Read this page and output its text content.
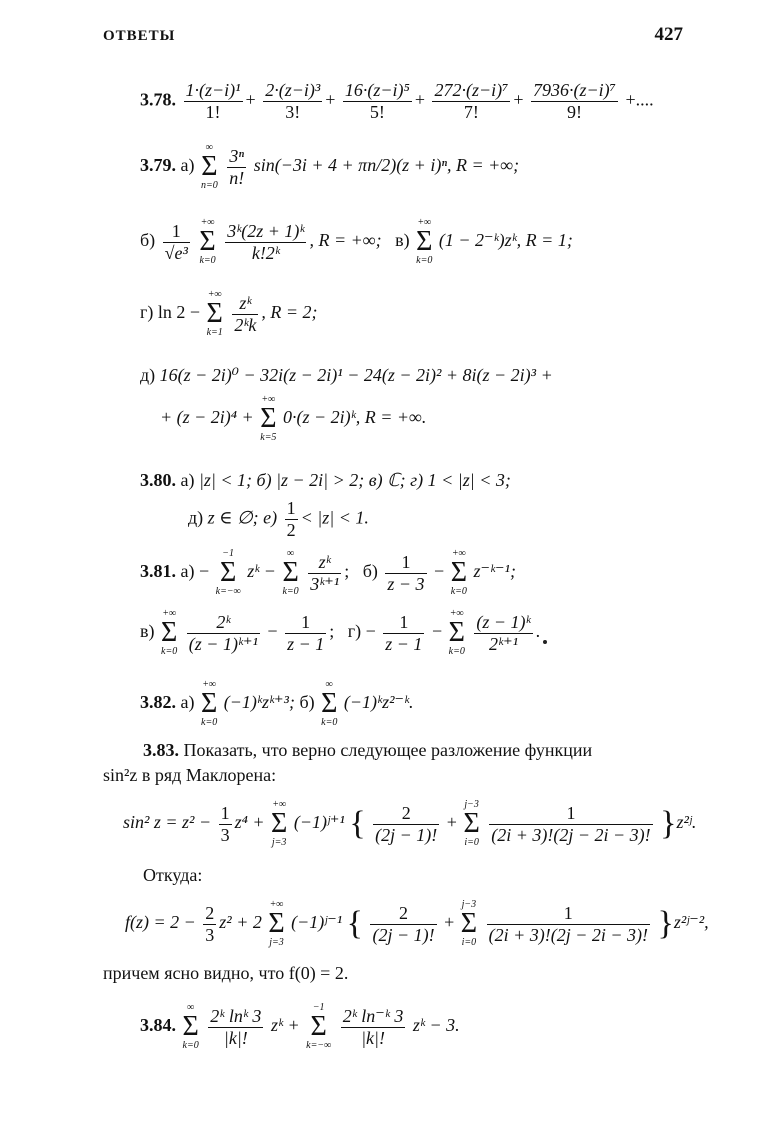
ОТВЕТЫ	427
3.78. $\frac{\text{1·(z−i)¹}}{1!} + \frac{\text{2·(z−i)³}}{3!} + \frac{\text{16·(z−i)⁵}}{5!} + \frac{\text{272·(z−i)⁷}}{7!} + \frac{\text{7936·(z−i)⁷}}{9!}$ +....
3.79. а)
∞
Σ
n=0
$\frac{\text{3ⁿ}}{n!} \sin(-3i + 4 + \pi n/2)(z + i)^n$, R = +∞;
$б) \frac{1}{\text{√e³}}$
+∞
Σ
k=0
$\frac{\text{3ᵏ(2z + 1)ᵏ}}{\text{k!2ᵏ}}$ , R = +∞; в)
+∞
Σ
k=0
(1 − 2⁻ᵏ)zᵏ, R = 1;
г) ln 2 −
+∞
Σ
k=1
$\frac{\text{zᵏ}}{\text{2ᵏk}}$ , R = 2;
д) 16(z − 2i)⁰ − 32i(z − 2i)¹ − 24(z − 2i)² + 8i(z − 2i)³ +
+ (z − 2i)⁴ +
+∞
Σ
k=5
0·(z − 2i)ᵏ, R = +∞.
3.80. а) |z| < 1; б) |z − 2i| > 2; в) ℂ; г) 1 < |z| < 3;
д) z ∈ ∅; $е) \frac{1}{2} < |z| < 1$.
3.81. а) −
−1
Σ
k=−∞
zᵏ −
∞
Σ
k=0
$\frac{\text{zᵏ}}{\text{3ᵏ⁺¹}}$ ; $б) \frac{1}{z - 3}$ −
+∞
Σ
k=0
z⁻ᵏ⁻¹;
в)
+∞
Σ
k=0
$\frac{\text{2ᵏ}}{\text{(z − 1)ᵏ⁺¹}} - \frac{1}{z - 1}$ ; $г) - \frac{1}{z - 1}$ −
+∞
Σ
k=0
$\frac{\text{(z − 1)ᵏ}}{\text{2ᵏ⁺¹}}$ .
3.82. а)
+∞
Σ
k=0
(−1)ᵏzᵏ⁺³; б)
∞
Σ
k=0
(−1)ᵏz²⁻ᵏ.
3.83. Показать, что верно следующее разложение функции
sin²z в ряд Маклорена:
sin² $z = z^2 - \frac{1}{3} z^4$ +
+∞
Σ
j=3
(−1)ʲ⁺¹ { $\frac{2}{(2j - 1)!}$ +
j−3
Σ
i=0
$\frac{1}{(2i + 3)!(2j - 2i - 3)!}$ }z²ʲ.
Откуда:
$f(z) = 2 - \frac{2}{3} z^2 + 2$
+∞
Σ
j=3
(−1)ʲ⁻¹ { $\frac{2}{(2j - 1)!}$ +
j−3
Σ
i=0
$\frac{1}{(2i + 3)!(2j - 2i - 3)!}$ }z²ʲ⁻²,
причем ясно видно, что f(0) = 2.
3.84.
∞
Σ
k=0
$\frac{\text{2ᵏ lnᵏ 3}}{|k|!}$ zᵏ +
−1
Σ
k=−∞
$\frac{\text{2ᵏ ln⁻ᵏ 3}}{|k|!}$ zᵏ − 3.
